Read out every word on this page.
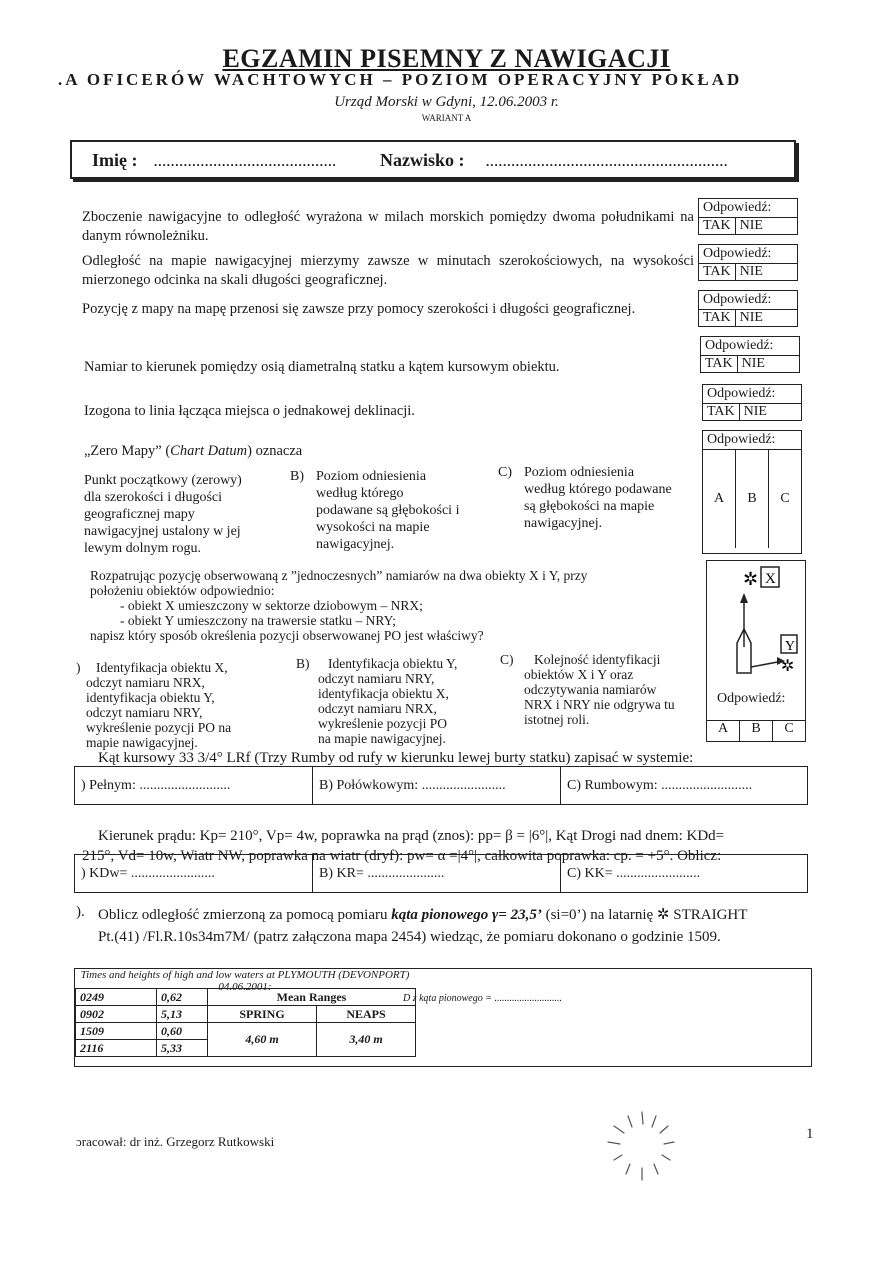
EGZAMIN PISEMNY Z NAWIGACJI
.A OFICERÓW WACHTOWYCH – POZIOM OPERACYJNY POKŁAD
Urząd Morski w Gdyni, 12.06.2003 r.
WARIANT A
Imię : ........................................... Nazwisko : .........................................................
Zboczenie nawigacyjne to odległość wyrażona w milach morskich pomiędzy dwoma południkami na danym równoleżniku.
Odległość na mapie nawigacyjnej mierzymy zawsze w minutach szerokościowych, na wysokości mierzonego odcinka na skali długości geograficznej.
Pozycję z mapy na mapę przenosi się zawsze przy pomocy szerokości i długości geograficznej.
Namiar to kierunek pomiędzy osią diametralną statku a kątem kursowym obiektu.
Izogona to linia łącząca miejsca o jednakowej deklinacji.
Odpowiedź:
TAK NIE
Odpowiedź:
TAK NIE
Odpowiedź:
TAK NIE
Odpowiedź:
TAK NIE
Odpowiedź:
TAK NIE
„Zero Mapy” (Chart Datum) oznacza
Punkt początkowy (zerowy)
dla szerokości i długości
geograficznej mapy
nawigacyjnej ustalony w jej
lewym dolnym rogu.
B) Poziom odniesienia
według którego
podawane są głębokości i
wysokości na mapie
nawigacyjnej.
C) Poziom odniesienia
według którego podawane
są głębokości na mapie
nawigacyjnej.
Odpowiedź:
A	B	C
Rozpatrując pozycję obserwowaną z ”jednoczesnych” namiarów na dwa obiekty X i Y, przy
położeniu obiektów odpowiednio:
- obiekt X umieszczony w sektorze dziobowym – NRX;
- obiekt Y umieszczony na trawersie statku – NRY;
napisz który sposób określenia pozycji obserwowanej PO jest właściwy?
)	Identyfikacja obiektu X,
odczyt namiaru NRX,
identyfikacja obiektu Y,
odczyt namiaru NRY,
wykreślenie pozycji PO na
mapie nawigacyjnej.
B)	Identyfikacja obiektu Y,
odczyt namiaru NRY,
identyfikacja obiektu X,
odczyt namiaru NRX,
wykreślenie pozycji PO
na mapie nawigacyjnej.
C)	Kolejność identyfikacji
obiektów X i Y oraz
odczytywania namiarów
NRX i NRY nie odgrywa tu
istotnej roli.
✲ X
Y
✲
Odpowiedź:
A	B	C
Kąt kursowy 33 3/4° LRf (Trzy Rumby od rufy w kierunku lewej burty statku) zapisać w systemie:
) Pełnym: ..........................	B) Połówkowym: ........................	C) Rumbowym: ..........................
Kierunek prądu: Kp= 210°, Vp= 4w, poprawka na prąd (znos): pp= β = |6°|, Kąt Drogi nad dnem: KDd=
215°, Vd= 10w, Wiatr NW, poprawka na wiatr (dryf): pw= α =|4°|, całkowita poprawka: cp. = +5°. Oblicz:
) KDw= ........................	B) KR= ......................	C) KK= ........................
). Oblicz odległość zmierzoną za pomocą pomiaru kąta pionowego γ= 23,5’ (si=0’) na latarnię ✲ STRAIGHT
Pt.(41) /Fl.R.10s34m7M/ (patrz załączona mapa 2454) wiedząc, że pomiaru dokonano o godzinie 1509.
Times and heights of high and low waters at PLYMOUTH (DEVONPORT) 04.06.2001:
0249	0,62	Mean Ranges	
0902	5,13	SPRING	NEAPS
1509	0,60	4,60 m	3,40 m
2116	5,33		
D z kąta pionowego = ...........................
ɔracował: dr inż. Grzegorz Rutkowski	1
